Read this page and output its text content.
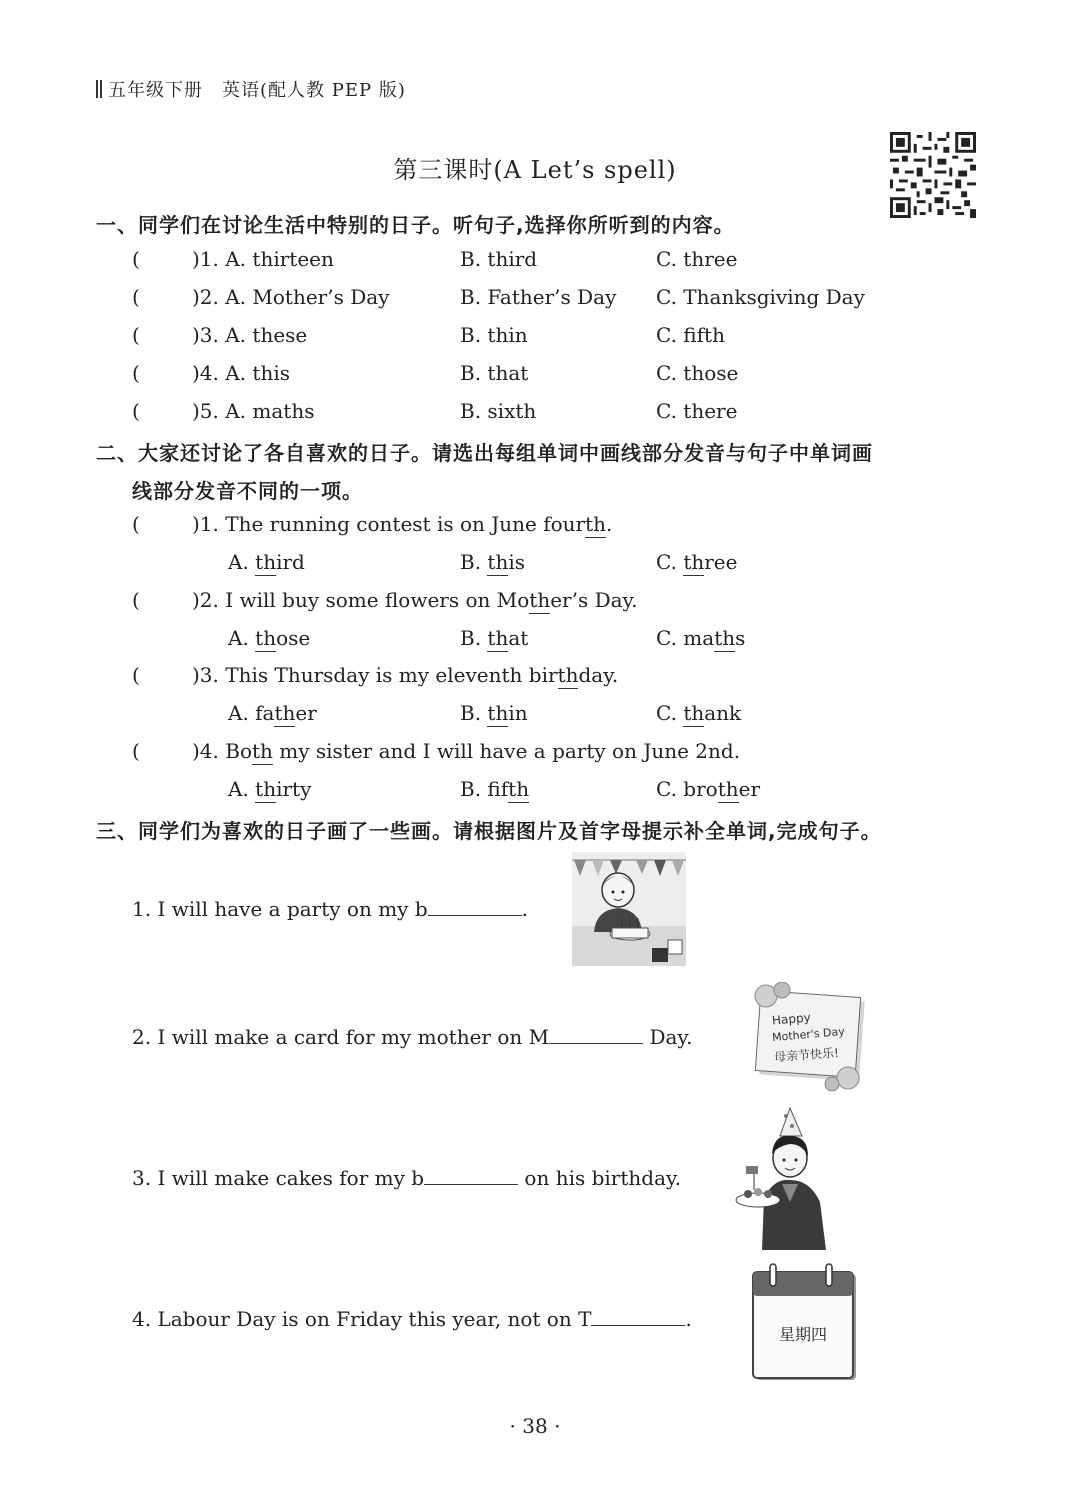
五年级下册　英语(配人教 PEP 版)
第三课时(A Let’s spell)
一、同学们在讨论生活中特别的日子。听句子,选择你所听到的内容。
(	)1. A. thirteen	B. third	C. three
(	)2. A. Mother’s Day	B. Father’s Day C. Thanksgiving Day
(	)3. A. these	B. thin	C. fifth
(	)4. A. this	B. that	C. those
(	)5. A. maths	B. sixth	C. there
二、大家还讨论了各自喜欢的日子。请选出每组单词中画线部分发音与句子中单词画
线部分发音不同的一项。
(	)1. The running contest is on June fourth.
A. third	B. this	C. three
(	)2. I will buy some flowers on Mother’s Day.
A. those	B. that	C. maths
(	)3. This Thursday is my eleventh birthday.
A. father	B. thin	C. thank
(	)4. Both my sister and I will have a party on June 2nd.
A. thirty	B. fifth	C. brother
三、同学们为喜欢的日子画了一些画。请根据图片及首字母提示补全单词,完成句子。
1. I will have a party on my b	.
2. I will make a card for my mother on M	Day.
3. I will make cakes for my b	on his birthday.
4. Labour Day is on Friday this year, not on T	.
Happy
Mother's Day
母亲节快乐!
星期四
· 38 ·
